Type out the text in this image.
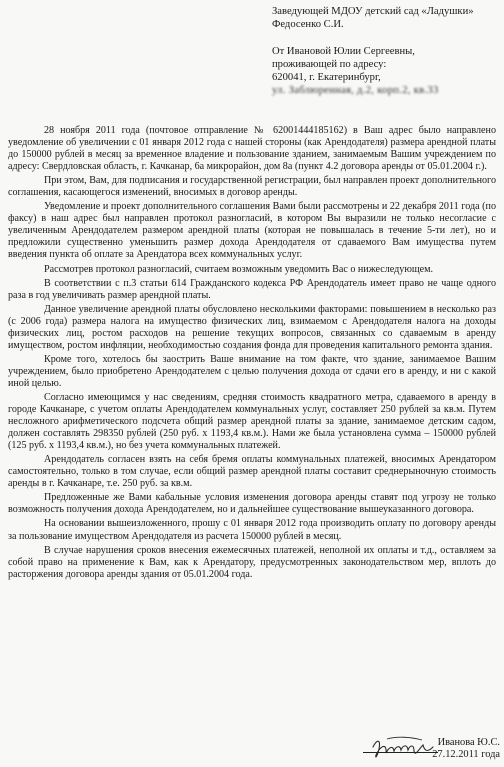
Заведующей МДОУ детский сад «Ладушки»
Федосенко С.И.
От Ивановой Юлии Сергеевны,
проживающей по адресу:
620041, г. Екатеринбург,
ул. Заблюренная, д.2, корп.2, кв.33

28 ноября 2011 года (почтовое отправление № 62001444185162) в Ваш адрес было направлено уведомление об увеличении с 01 января 2012 года с нашей стороны (как Арендодателя) размера арендной платы до 150000 рублей в месяц за временное владение и пользование зданием, занимаемым Вашим учреждением по адресу: Свердловская область, г. Качканар, 6а микрорайон, дом 8а (пункт 4.2 договора аренды от 05.01.2004 г.).

При этом, Вам, для подписания и государственной регистрации, был направлен проект дополнительного соглашения, касающегося изменений, вносимых в договор аренды.

Уведомление и проект дополнительного соглашения Вами были рассмотрены и 22 декабря 2011 года (по факсу) в наш адрес был направлен протокол разногласий, в котором Вы выразили не только несогласие с увеличенным Арендодателем размером арендной платы (которая не повышалась в течение 5-ти лет), но и предложили существенно уменьшить размер дохода Арендодателя от сдаваемого Вам имущества путем введения пункта об оплате за Арендатора всех коммунальных услуг.

Рассмотрев протокол разногласий, считаем возможным уведомить Вас о нижеследующем.

В соответствии с п.3 статьи 614 Гражданского кодекса РФ Арендодатель имеет право не чаще одного раза в год увеличивать размер арендной платы.

Данное увеличение арендной платы обусловлено несколькими факторами: повышением в несколько раз (с 2006 года) размера налога на имущество физических лиц, взимаемом с Арендодателя налога на доходы физических лиц, ростом расходов на решение текущих вопросов, связанных со сдаваемым в аренду имуществом, ростом инфляции, необходимостью создания фонда для проведения капитального ремонта здания.

Кроме того, хотелось бы заострить Ваше внимание на том факте, что здание, занимаемое Вашим учреждением, было приобретено Арендодателем с целью получения дохода от сдачи его в аренду, и ни с какой иной целью.

Согласно имеющимся у нас сведениям, средняя стоимость квадратного метра, сдаваемого в аренду в городе Качканаре, с учетом оплаты Арендодателем коммунальных услуг, составляет 250 рублей за кв.м. Путем несложного арифметического подсчета общий размер арендной платы за здание, занимаемое детским садом, должен составлять 298350 рублей (250 руб. х 1193,4 кв.м.). Нами же была установлена сумма – 150000 рублей (125 руб. х 1193,4 кв.м.), но без учета коммунальных платежей.

Арендодатель согласен взять на себя бремя оплаты коммунальных платежей, вносимых Арендатором самостоятельно, только в том случае, если общий размер арендной платы составит среднерыночную стоимость аренды в г. Качканаре, т.е. 250 руб. за кв.м.

Предложенные же Вами кабальные условия изменения договора аренды ставят под угрозу не только возможность получения дохода Арендодателем, но и дальнейшее существование вышеуказанного договора.

На основании вышеизложенного, прошу с 01 января 2012 года производить оплату по договору аренды за пользование имуществом Арендодателя из расчета 150000 рублей в месяц.

В случае нарушения сроков внесения ежемесячных платежей, неполной их оплаты и т.д., оставляем за собой право на применение к Вам, как к Арендатору, предусмотренных законодательством мер, вплоть до расторжения договора аренды здания от 05.01.2004 года.

Иванова Ю.С.
27.12.2011 года
